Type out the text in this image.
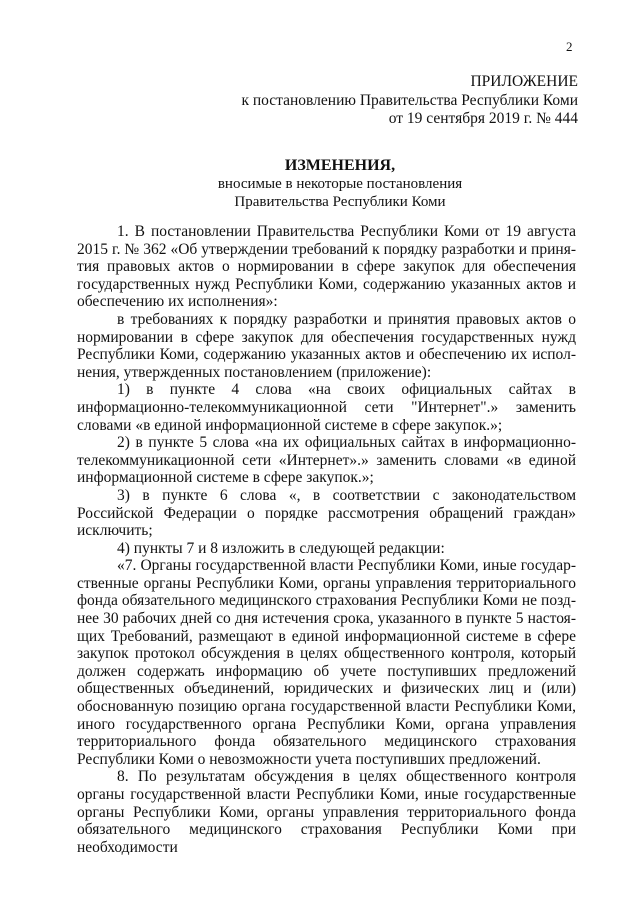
2
ПРИЛОЖЕНИЕ
к постановлению Правительства Республики Коми
от 19 сентября 2019 г. № 444
ИЗМЕНЕНИЯ,
вносимые в некоторые постановления
Правительства Республики Коми

1. В постановлении Правительства Республики Коми от 19 августа 2015 г. № 362 «Об утверждении требований к порядку разработки и принятия правовых актов о нормировании в сфере закупок для обеспечения государственных нужд Республики Коми, содержанию указанных актов и обеспечению их исполнения»:

в требованиях к порядку разработки и принятия правовых актов о нормировании в сфере закупок для обеспечения государственных нужд Республики Коми, содержанию указанных актов и обеспечению их исполнения, утвержденных постановлением (приложение):

1) в пункте 4 слова «на своих официальных сайтах в информационно-телекоммуникационной сети "Интернет".» заменить словами «в единой информационной системе в сфере закупок.»;

2) в пункте 5 слова «на их официальных сайтах в информационно-телекоммуникационной сети «Интернет».» заменить словами «в единой информационной системе в сфере закупок.»;

3) в пункте 6 слова «, в соответствии с законодательством Российской Федерации о порядке рассмотрения обращений граждан» исключить;

4) пункты 7 и 8 изложить в следующей редакции:

«7. Органы государственной власти Республики Коми, иные государственные органы Республики Коми, органы управления территориального фонда обязательного медицинского страхования Республики Коми не позднее 30 рабочих дней со дня истечения срока, указанного в пункте 5 настоящих Требований, размещают в единой информационной системе в сфере закупок протокол обсуждения в целях общественного контроля, который должен содержать информацию об учете поступивших предложений общественных объединений, юридических и физических лиц и (или) обоснованную позицию органа государственной власти Республики Коми, иного государственного органа Республики Коми, органа управления территориального фонда обязательного медицинского страхования Республики Коми о невозможности учета поступивших предложений.

8. По результатам обсуждения в целях общественного контроля органы государственной власти Республики Коми, иные государственные органы Республики Коми, органы управления территориального фонда обязательного медицинского страхования Республики Коми при необходимости
